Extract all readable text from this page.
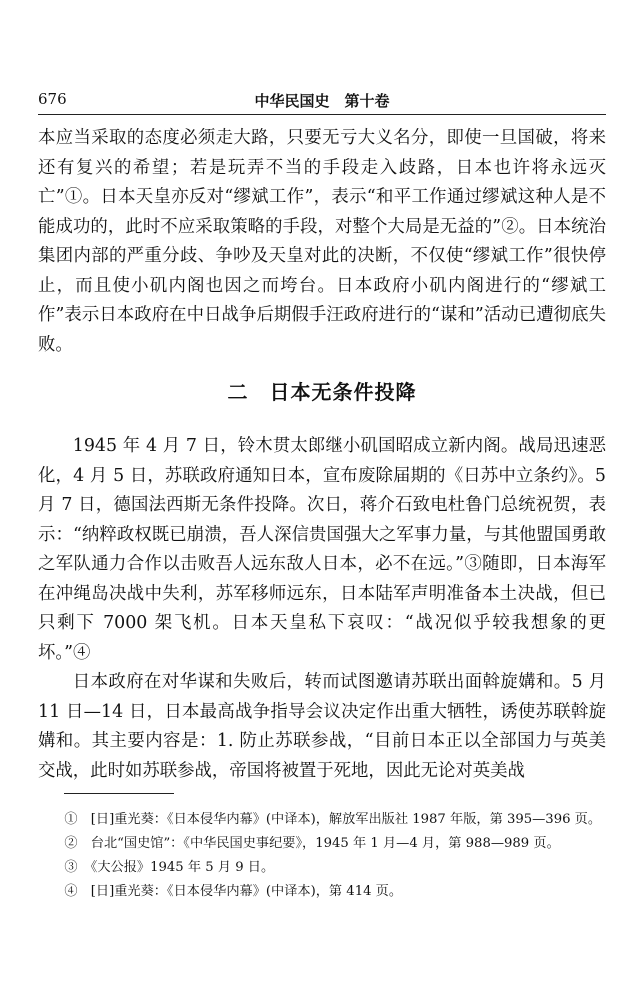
676	中华民国史　第十卷

本应当采取的态度必须走大路，只要无亏大义名分，即使一旦国破，将来还有复兴的希望；若是玩弄不当的手段走入歧路，日本也许将永远灭亡”①。日本天皇亦反对“缪斌工作”，表示“和平工作通过缪斌这种人是不能成功的，此时不应采取策略的手段，对整个大局是无益的”②。日本统治集团内部的严重分歧、争吵及天皇对此的决断，不仅使“缪斌工作”很快停止，而且使小矶内阁也因之而垮台。日本政府小矶内阁进行的“缪斌工作”表示日本政府在中日战争后期假手汪政府进行的“谋和”活动已遭彻底失败。

二　日本无条件投降

1945 年 4 月 7 日，铃木贯太郎继小矶国昭成立新内阁。战局迅速恶化，4 月 5 日，苏联政府通知日本，宣布废除届期的《日苏中立条约》。5 月 7 日，德国法西斯无条件投降。次日，蒋介石致电杜鲁门总统祝贺，表示：“纳粹政权既已崩溃，吾人深信贵国强大之军事力量，与其他盟国勇敢之军队通力合作以击败吾人远东敌人日本，必不在远。”③随即，日本海军在冲绳岛决战中失利，苏军移师远东，日本陆军声明准备本土决战，但已只剩下 7000 架飞机。日本天皇私下哀叹：“战况似乎较我想象的更坏。”④

日本政府在对华谋和失败后，转而试图邀请苏联出面斡旋媾和。5 月 11 日—14 日，日本最高战争指导会议决定作出重大牺牲，诱使苏联斡旋媾和。其主要内容是：1. 防止苏联参战，“目前日本正以全部国力与英美交战，此时如苏联参战，帝国将被置于死地，因此无论对英美战

①　[日]重光葵：《日本侵华内幕》(中译本)，解放军出版社 1987 年版，第 395—396 页。

②　台北“国史馆”：《中华民国史事纪要》，1945 年 1 月—4 月，第 988—989 页。

③　《大公报》1945 年 5 月 9 日。

④　[日]重光葵：《日本侵华内幕》(中译本)，第 414 页。
